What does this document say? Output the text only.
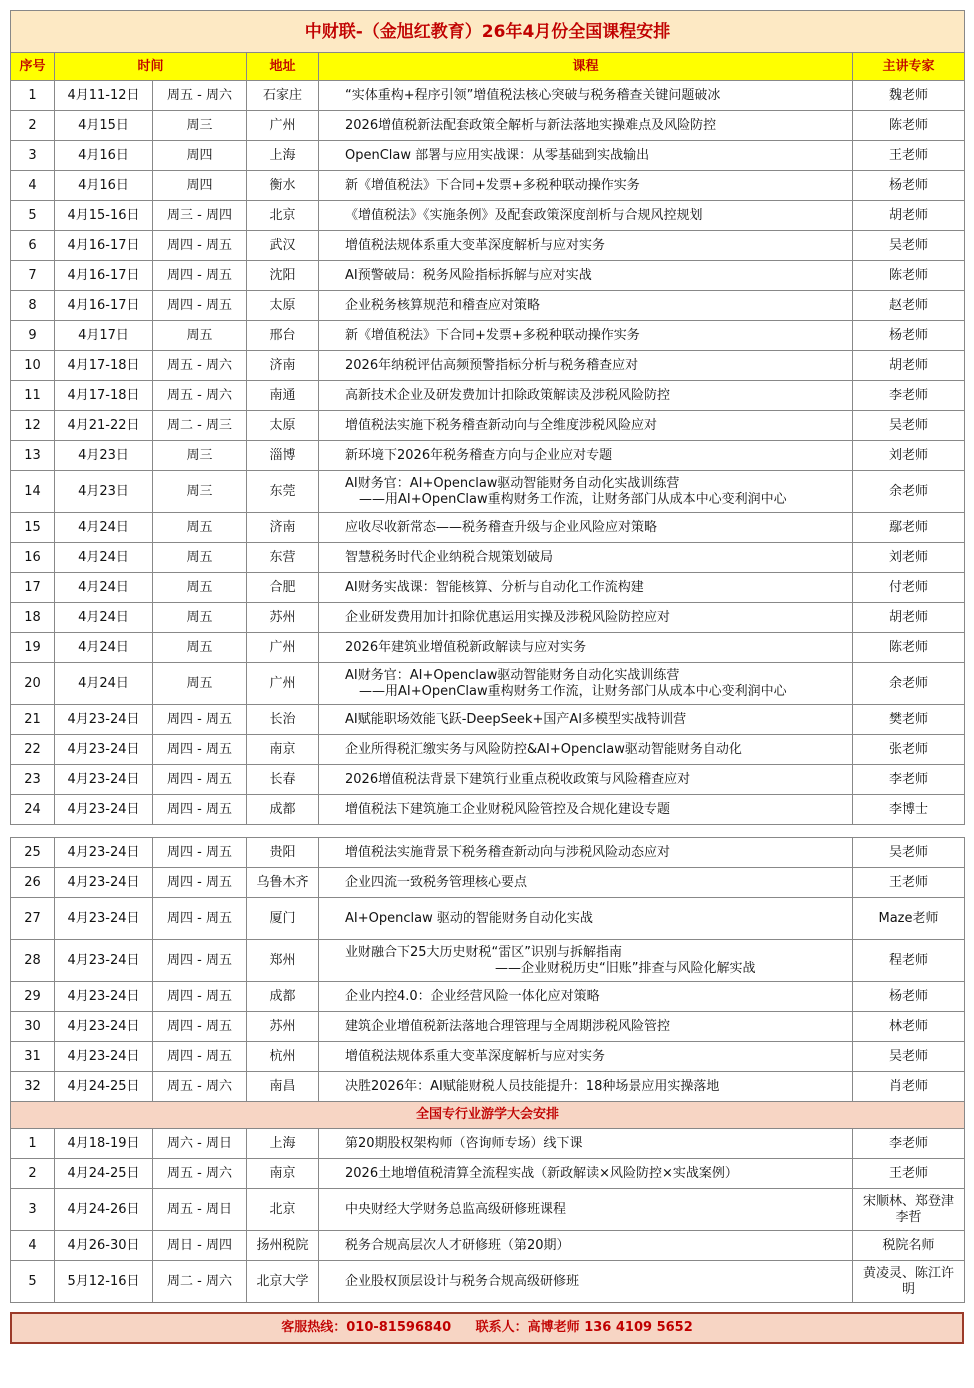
中财联-（金旭红教育）26年4月份全国课程安排					
序号	时间		地址	课程	主讲专家
1	4月11-12日	周五 - 周六	石家庄	“实体重构+程序引领”增值税法核心突破与税务稽查关键问题破冰	魏老师
2	4月15日	周三	广州	2026增值税新法配套政策全解析与新法落地实操难点及风险防控	陈老师
3	4月16日	周四	上海	OpenClaw 部署与应用实战课：从零基础到实战输出	王老师
4	4月16日	周四	衡水	新《增值税法》下合同+发票+多税种联动操作实务	杨老师
5	4月15-16日	周三 - 周四	北京	《增值税法》《实施条例》及配套政策深度剖析与合规风控规划	胡老师
6	4月16-17日	周四 - 周五	武汉	增值税法规体系重大变革深度解析与应对实务	吴老师
7	4月16-17日	周四 - 周五	沈阳	AI预警破局：税务风险指标拆解与应对实战	陈老师
8	4月16-17日	周四 - 周五	太原	企业税务核算规范和稽查应对策略	赵老师
9	4月17日	周五	邢台	新《增值税法》下合同+发票+多税种联动操作实务	杨老师
10	4月17-18日	周五 - 周六	济南	2026年纳税评估高频预警指标分析与税务稽查应对	胡老师
11	4月17-18日	周五 - 周六	南通	高新技术企业及研发费加计扣除政策解读及涉税风险防控	李老师
12	4月21-22日	周二 - 周三	太原	增值税法实施下税务稽查新动向与全维度涉税风险应对	吴老师
13	4月23日	周三	淄博	新环境下2026年税务稽查方向与企业应对专题	刘老师
14	4月23日	周三	东莞	AI财务官：AI+Openclaw驱动智能财务自动化实战训练营
——用AI+OpenClaw重构财务工作流，让财务部门从成本中心变利润中心	余老师
15	4月24日	周五	济南	应收尽收新常态——税务稽查升级与企业风险应对策略	鄢老师
16	4月24日	周五	东营	智慧税务时代企业纳税合规策划破局	刘老师
17	4月24日	周五	合肥	AI财务实战课：智能核算、分析与自动化工作流构建	付老师
18	4月24日	周五	苏州	企业研发费用加计扣除优惠运用实操及涉税风险防控应对	胡老师
19	4月24日	周五	广州	2026年建筑业增值税新政解读与应对实务	陈老师
20	4月24日	周五	广州	AI财务官：AI+Openclaw驱动智能财务自动化实战训练营
——用AI+OpenClaw重构财务工作流，让财务部门从成本中心变利润中心	余老师
21	4月23-24日	周四 - 周五	长治	AI赋能职场效能飞跃-DeepSeek+国产AI多模型实战特训营	樊老师
22	4月23-24日	周四 - 周五	南京	企业所得税汇缴实务与风险防控&AI+Openclaw驱动智能财务自动化	张老师
23	4月23-24日	周四 - 周五	长春	2026增值税法背景下建筑行业重点税收政策与风险稽查应对	李老师
24	4月23-24日	周四 - 周五	成都	增值税法下建筑施工企业财税风险管控及合规化建设专题	李博士
25	4月23-24日	周四 - 周五	贵阳	增值税法实施背景下税务稽查新动向与涉税风险动态应对	吴老师
26	4月23-24日	周四 - 周五	乌鲁木齐	企业四流一致税务管理核心要点	王老师
27	4月23-24日	周四 - 周五	厦门	AI+Openclaw 驱动的智能财务自动化实战	Maze老师
28	4月23-24日	周四 - 周五	郑州	业财融合下25大历史财税“雷区”识别与拆解指南
——企业财税历史“旧账”排查与风险化解实战	程老师
29	4月23-24日	周四 - 周五	成都	企业内控4.0：企业经营风险一体化应对策略	杨老师
30	4月23-24日	周四 - 周五	苏州	建筑企业增值税新法落地合理管理与全周期涉税风险管控	林老师
31	4月23-24日	周四 - 周五	杭州	增值税法规体系重大变革深度解析与应对实务	吴老师
32	4月24-25日	周五 - 周六	南昌	决胜2026年：AI赋能财税人员技能提升：18种场景应用实操落地	肖老师
全国专行业游学大会安排					
1	4月18-19日	周六 - 周日	上海	第20期股权架构师（咨询师专场）线下课	李老师
2	4月24-25日	周五 - 周六	南京	2026土地增值税清算全流程实战（新政解读×风险防控×实战案例）	王老师
3	4月24-26日	周五 - 周日	北京	中央财经大学财务总监高级研修班课程	宋顺林、郑登津李哲
4	4月26-30日	周日 - 周四	扬州税院	税务合规高层次人才研修班（第20期）	税院名师
5	5月12-16日	周二 - 周六	北京大学	企业股权顶层设计与税务合规高级研修班	黄凌灵、陈江许明
客服热线：010-81596840 联系人：高博老师 136 4109 5652
